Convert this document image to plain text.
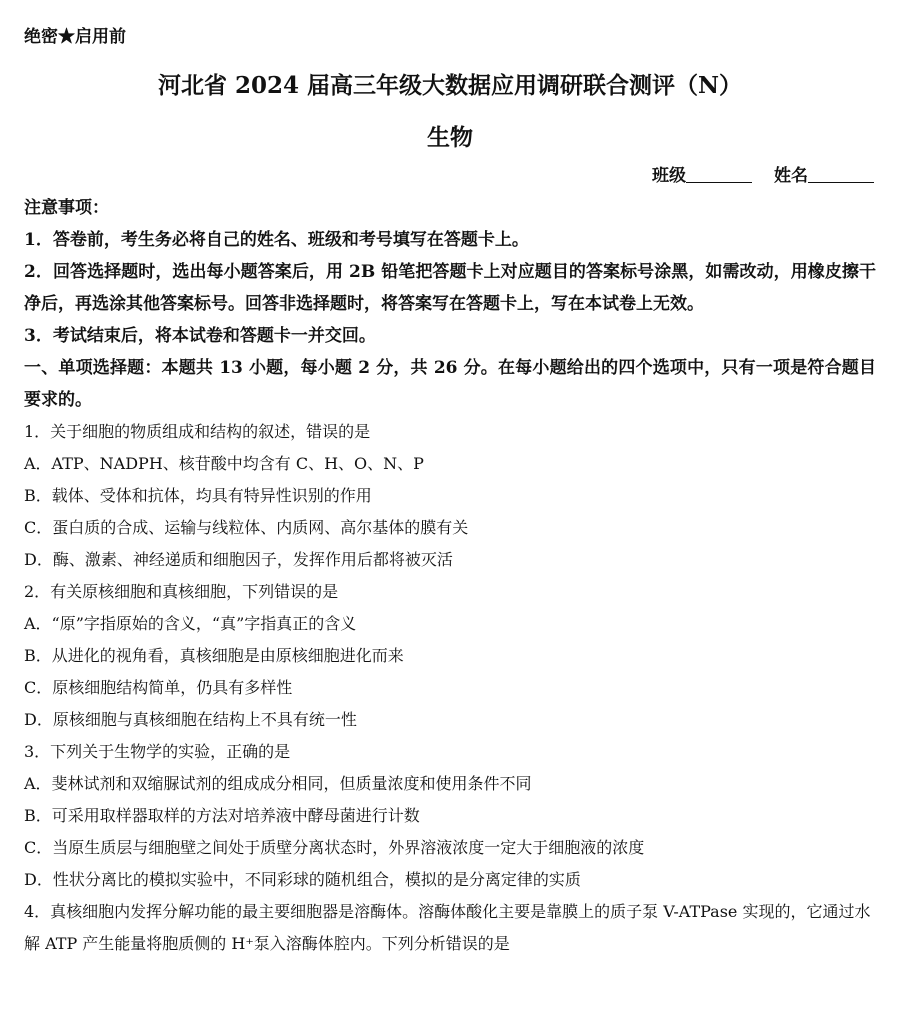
绝密★启用前
河北省 2024 届高三年级大数据应用调研联合测评（N）
生物
班级	姓名
注意事项：
1．答卷前，考生务必将自己的姓名、班级和考号填写在答题卡上。
2．回答选择题时，选出每小题答案后，用 2B 铅笔把答题卡上对应题目的答案标号涂黑，如需改动，用橡皮擦干净后，再选涂其他答案标号。回答非选择题时，将答案写在答题卡上，写在本试卷上无效。
3．考试结束后，将本试卷和答题卡一并交回。
一、单项选择题：本题共 13 小题，每小题 2 分，共 26 分。在每小题给出的四个选项中，只有一项是符合题目要求的。
1．关于细胞的物质组成和结构的叙述，错误的是
A．ATP、NADPH、核苷酸中均含有 C、H、O、N、P
B．载体、受体和抗体，均具有特异性识别的作用
C．蛋白质的合成、运输与线粒体、内质网、高尔基体的膜有关
D．酶、激素、神经递质和细胞因子，发挥作用后都将被灭活
2．有关原核细胞和真核细胞，下列错误的是
A．“原”字指原始的含义，“真”字指真正的含义
B．从进化的视角看，真核细胞是由原核细胞进化而来
C．原核细胞结构简单，仍具有多样性
D．原核细胞与真核细胞在结构上不具有统一性
3．下列关于生物学的实验，正确的是
A．斐林试剂和双缩脲试剂的组成成分相同，但质量浓度和使用条件不同
B．可采用取样器取样的方法对培养液中酵母菌进行计数
C．当原生质层与细胞壁之间处于质壁分离状态时，外界溶液浓度一定大于细胞液的浓度
D．性状分离比的模拟实验中，不同彩球的随机组合，模拟的是分离定律的实质
4．真核细胞内发挥分解功能的最主要细胞器是溶酶体。溶酶体酸化主要是靠膜上的质子泵 V-ATPase 实现的，它通过水解 ATP 产生能量将胞质侧的 H⁺泵入溶酶体腔内。下列分析错误的是
